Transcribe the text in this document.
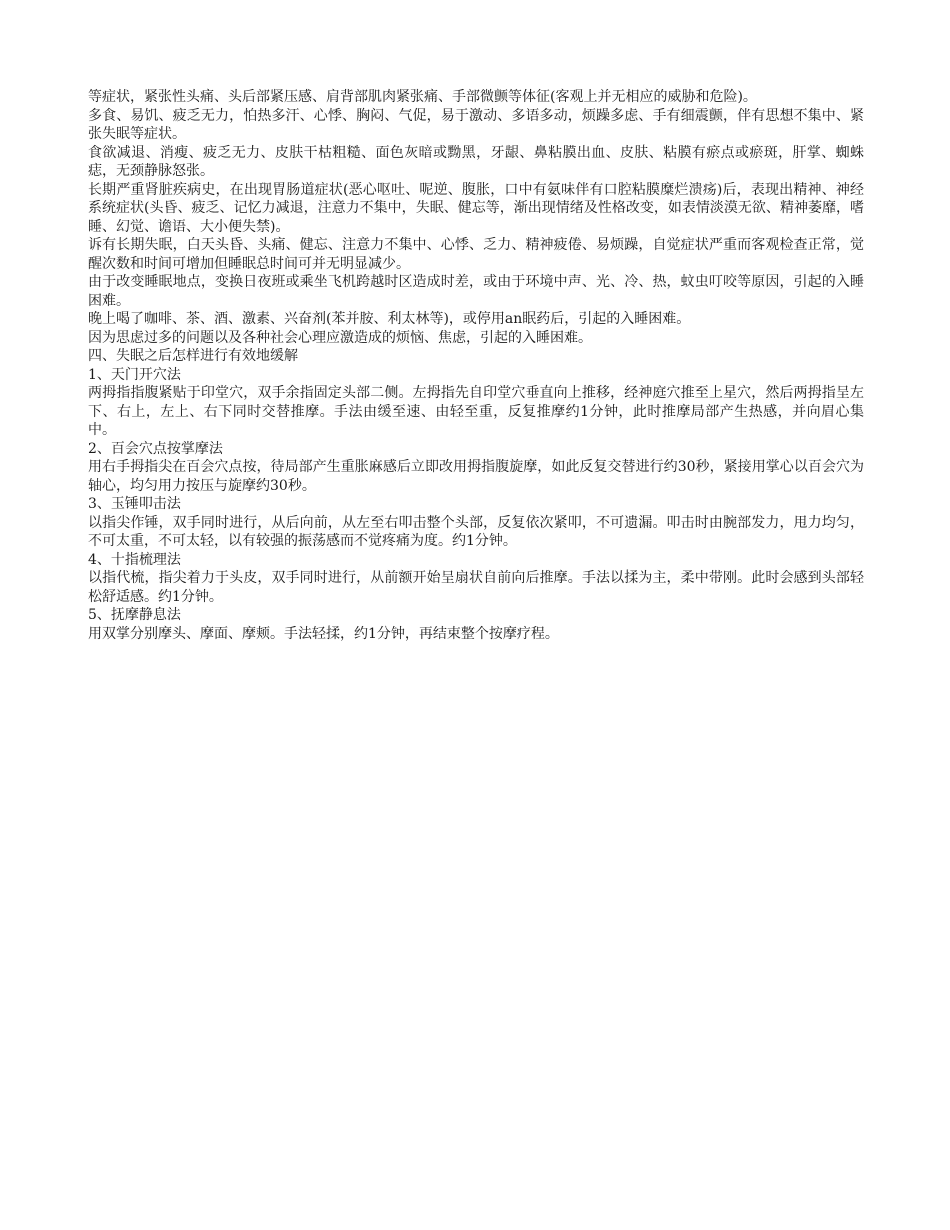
等症状，紧张性头痛、头后部紧压感、肩背部肌肉紧张痛、手部微颤等体征(客观上并无相应的威胁和危险)。

多食、易饥、疲乏无力，怕热多汗、心悸、胸闷、气促，易于激动、多语多动，烦躁多虑、手有细震颤，伴有思想不集中、紧张失眠等症状。

食欲减退、消瘦、疲乏无力、皮肤干枯粗糙、面色灰暗或黝黑，牙龈、鼻粘膜出血、皮肤、粘膜有瘀点或瘀斑，肝掌、蜘蛛痣，无颈静脉怒张。

长期严重肾脏疾病史，在出现胃肠道症状(恶心呕吐、呢逆、腹胀，口中有氨味伴有口腔粘膜糜烂溃疡)后，表现出精神、神经系统症状(头昏、疲乏、记忆力减退，注意力不集中，失眠、健忘等，渐出现情绪及性格改变，如表情淡漠无欲、精神萎靡，嗜睡、幻觉、谵语、大小便失禁)。

诉有长期失眠，白天头昏、头痛、健忘、注意力不集中、心悸、乏力、精神疲倦、易烦躁，自觉症状严重而客观检查正常，觉醒次数和时间可增加但睡眠总时间可并无明显减少。

由于改变睡眠地点，变换日夜班或乘坐飞机跨越时区造成时差，或由于环境中声、光、冷、热，蚊虫叮咬等原因，引起的入睡困难。

晚上喝了咖啡、茶、酒、激素、兴奋剂(苯并胺、利太林等)，或停用an眠药后，引起的入睡困难。

因为思虑过多的问题以及各种社会心理应激造成的烦恼、焦虑，引起的入睡困难。

四、失眠之后怎样进行有效地缓解

1、天门开穴法

两拇指指腹紧贴于印堂穴，双手余指固定头部二侧。左拇指先自印堂穴垂直向上推移，经神庭穴推至上星穴，然后两拇指呈左下、右上，左上、右下同时交替推摩。手法由缓至速、由轻至重，反复推摩约1分钟，此时推摩局部产生热感，并向眉心集中。

2、百会穴点按掌摩法

用右手拇指尖在百会穴点按，待局部产生重胀麻感后立即改用拇指腹旋摩，如此反复交替进行约30秒，紧接用掌心以百会穴为轴心，均匀用力按压与旋摩约30秒。

3、玉锤叩击法

以指尖作锤，双手同时进行，从后向前，从左至右叩击整个头部，反复依次紧叩，不可遗漏。叩击时由腕部发力，甩力均匀，不可太重，不可太轻，以有较强的振荡感而不觉疼痛为度。约1分钟。

4、十指梳理法

以指代梳，指尖着力于头皮，双手同时进行，从前额开始呈扇状自前向后推摩。手法以揉为主，柔中带刚。此时会感到头部轻松舒适感。约1分钟。

5、抚摩静息法

用双掌分别摩头、摩面、摩颊。手法轻揉，约1分钟，再结束整个按摩疗程。
